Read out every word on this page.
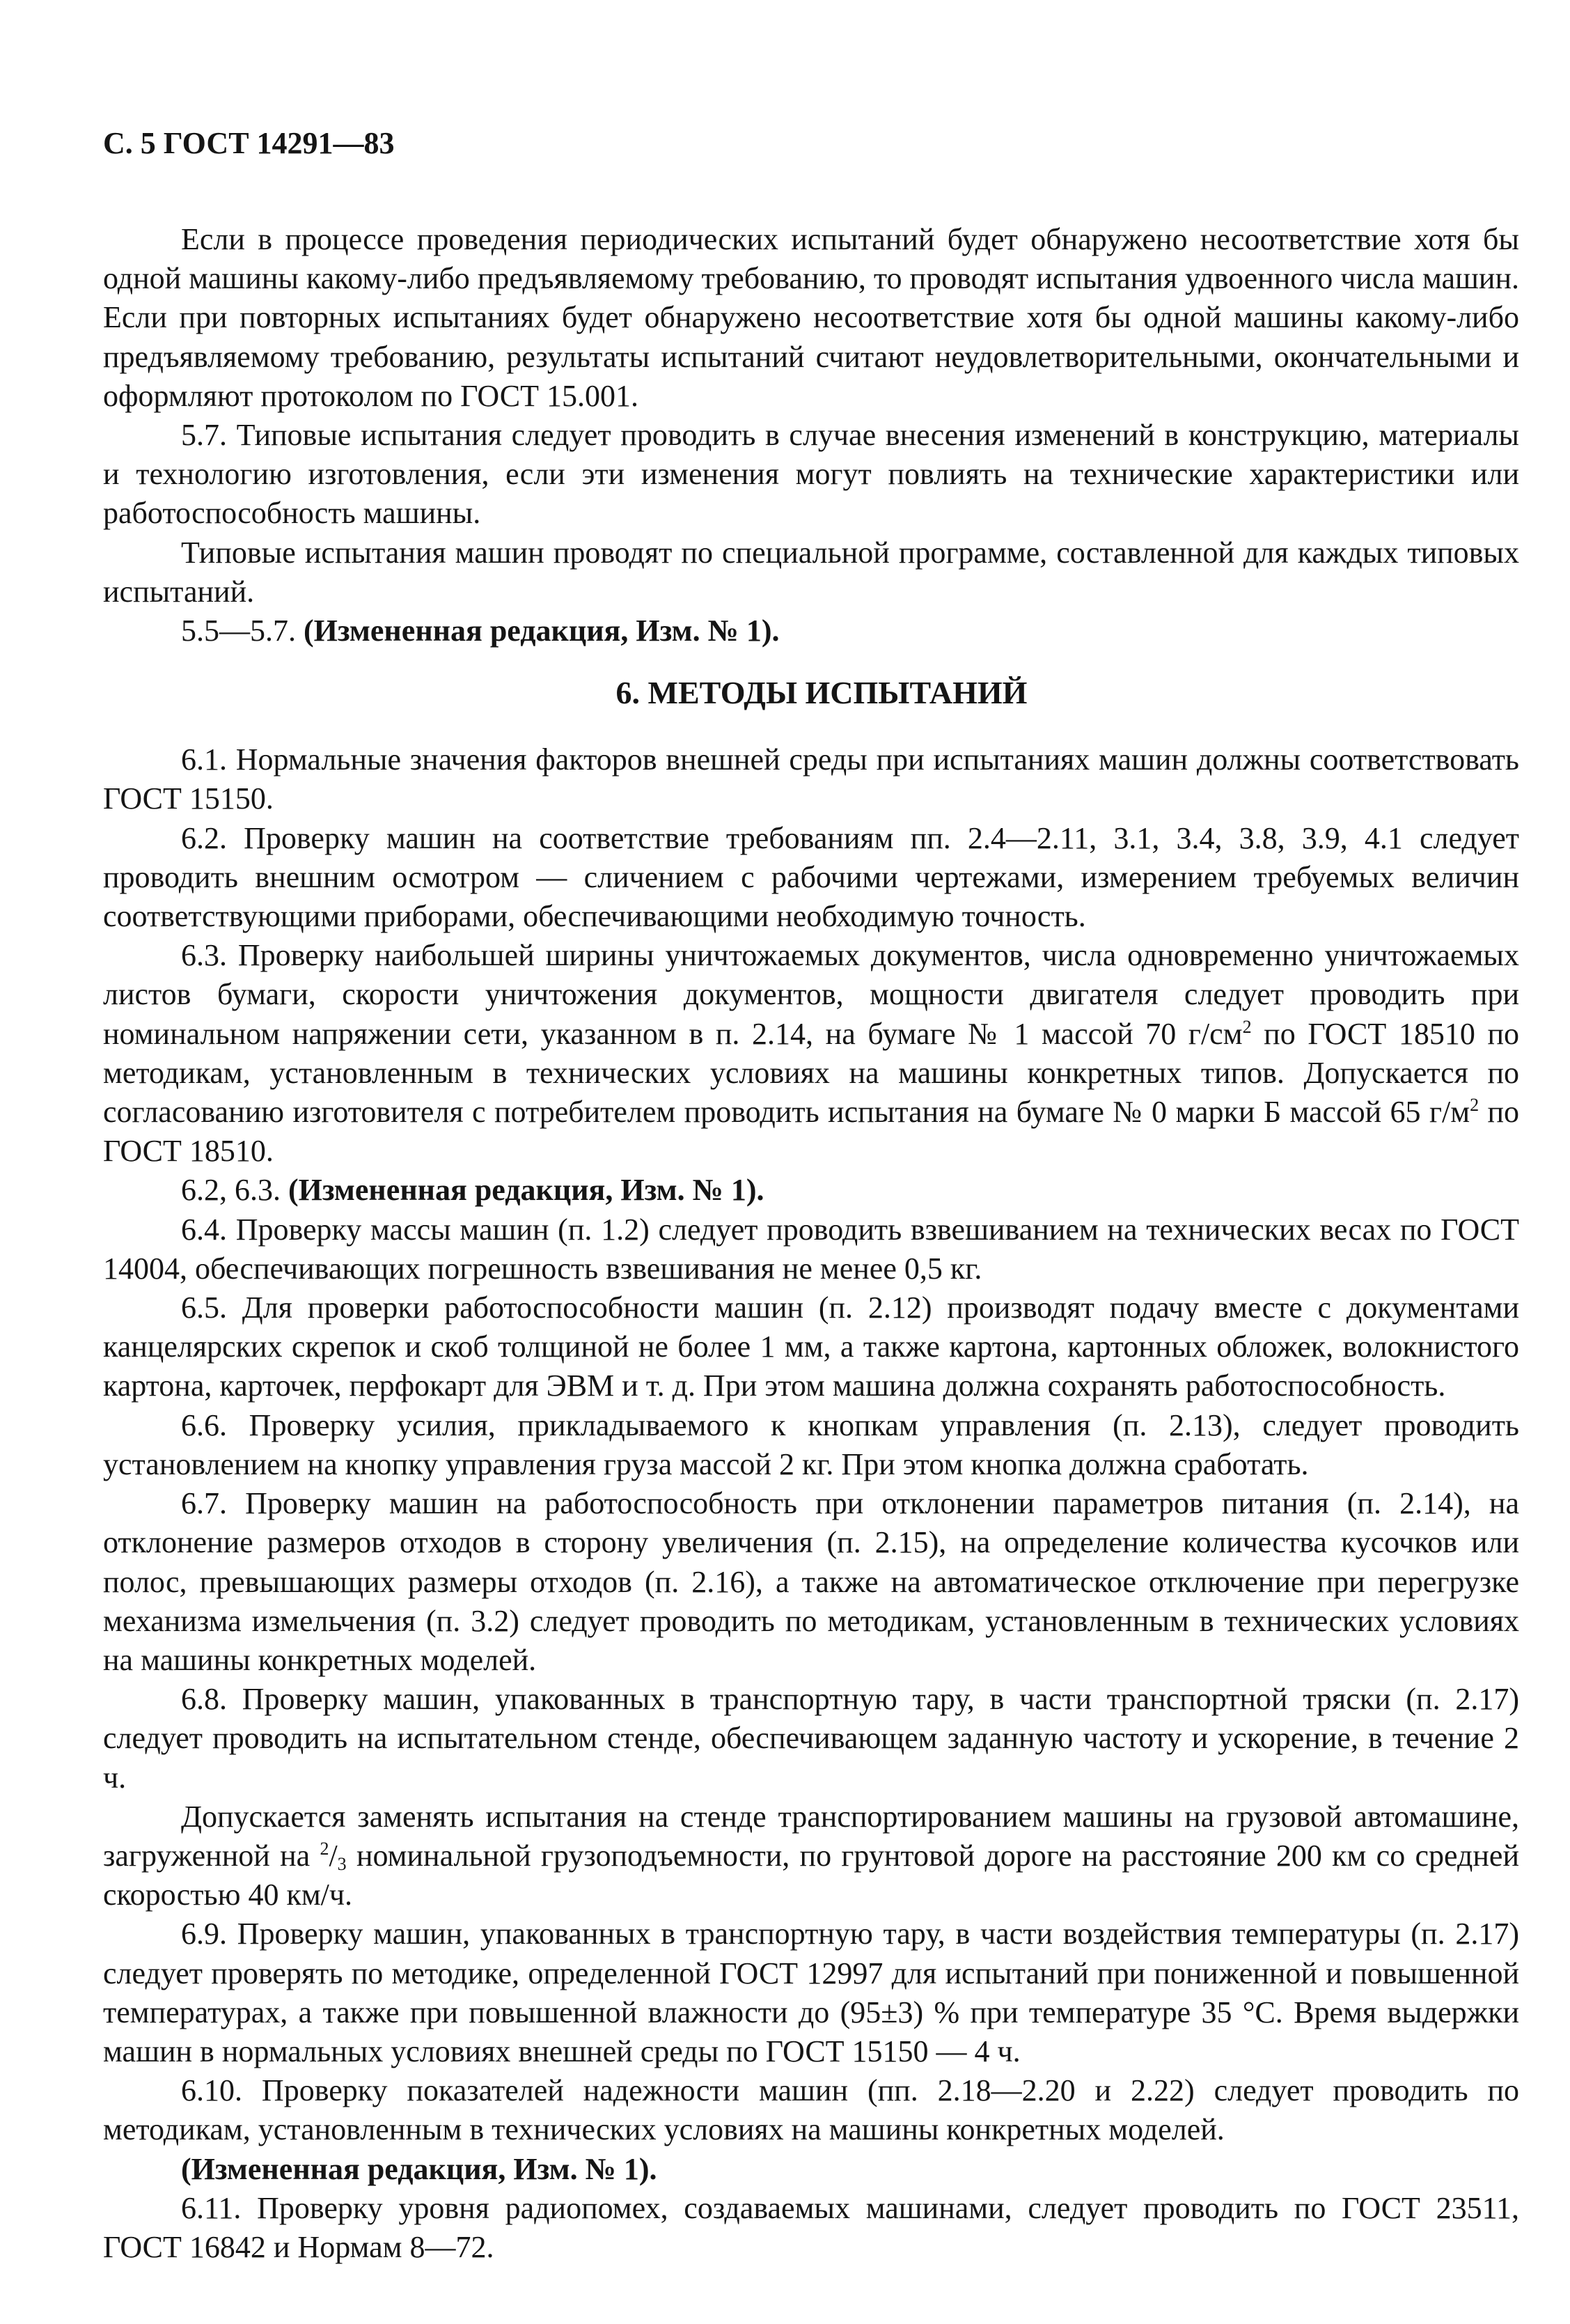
С. 5 ГОСТ 14291—83

Если в процессе проведения периодических испытаний будет обнаружено несоответствие хотя бы одной машины какому-либо предъявляемому требованию, то проводят испытания удвоенного числа машин. Если при повторных испытаниях будет обнаружено несоответствие хотя бы одной машины какому-либо предъявляемому требованию, результаты испытаний считают неудовлетворительными, окончательными и оформляют протоколом по ГОСТ 15.001.

5.7. Типовые испытания следует проводить в случае внесения изменений в конструкцию, материалы и технологию изготовления, если эти изменения могут повлиять на технические характеристики или работоспособность машины.

Типовые испытания машин проводят по специальной программе, составленной для каждых типовых испытаний.

5.5—5.7. (Измененная редакция, Изм. № 1).

6. МЕТОДЫ ИСПЫТАНИЙ

6.1. Нормальные значения факторов внешней среды при испытаниях машин должны соответствовать ГОСТ 15150.

6.2. Проверку машин на соответствие требованиям пп. 2.4—2.11, 3.1, 3.4, 3.8, 3.9, 4.1 следует проводить внешним осмотром — сличением с рабочими чертежами, измерением требуемых величин соответствующими приборами, обеспечивающими необходимую точность.

6.3. Проверку наибольшей ширины уничтожаемых документов, числа одновременно уничтожаемых листов бумаги, скорости уничтожения документов, мощности двигателя следует проводить при номинальном напряжении сети, указанном в п. 2.14, на бумаге № 1 массой 70 $г/см^2$ по ГОСТ 18510 по методикам, установленным в технических условиях на машины конкретных типов. Допускается по согласованию изготовителя с потребителем проводить испытания на бумаге № 0 марки Б массой 65 $г/м^2$ по ГОСТ 18510.

6.2, 6.3. (Измененная редакция, Изм. № 1).

6.4. Проверку массы машин (п. 1.2) следует проводить взвешиванием на технических весах по ГОСТ 14004, обеспечивающих погрешность взвешивания не менее 0,5 кг.

6.5. Для проверки работоспособности машин (п. 2.12) производят подачу вместе с документами канцелярских скрепок и скоб толщиной не более 1 мм, а также картона, картонных обложек, волокнистого картона, карточек, перфокарт для ЭВМ и т. д. При этом машина должна сохранять работоспособность.

6.6. Проверку усилия, прикладываемого к кнопкам управления (п. 2.13), следует проводить установлением на кнопку управления груза массой 2 кг. При этом кнопка должна сработать.

6.7. Проверку машин на работоспособность при отклонении параметров питания (п. 2.14), на отклонение размеров отходов в сторону увеличения (п. 2.15), на определение количества кусочков или полос, превышающих размеры отходов (п. 2.16), а также на автоматическое отключение при перегрузке механизма измельчения (п. 3.2) следует проводить по методикам, установленным в технических условиях на машины конкретных моделей.

6.8. Проверку машин, упакованных в транспортную тару, в части транспортной тряски (п. 2.17) следует проводить на испытательном стенде, обеспечивающем заданную частоту и ускорение, в течение 2 ч.

Допускается заменять испытания на стенде транспортированием машины на грузовой автомашине, загруженной на $^2$/3 номинальной грузоподъемности, по грунтовой дороге на расстояние 200 км со средней скоростью 40 км/ч.

6.9. Проверку машин, упакованных в транспортную тару, в части воздействия температуры (п. 2.17) следует проверять по методике, определенной ГОСТ 12997 для испытаний при пониженной и повышенной температурах, а также при повышенной влажности до (95±3) % при температуре 35 °С. Время выдержки машин в нормальных условиях внешней среды по ГОСТ 15150 — 4 ч.

6.10. Проверку показателей надежности машин (пп. 2.18—2.20 и 2.22) следует проводить по методикам, установленным в технических условиях на машины конкретных моделей.

(Измененная редакция, Изм. № 1).

6.11. Проверку уровня радиопомех, создаваемых машинами, следует проводить по ГОСТ 23511, ГОСТ 16842 и Нормам 8—72.
